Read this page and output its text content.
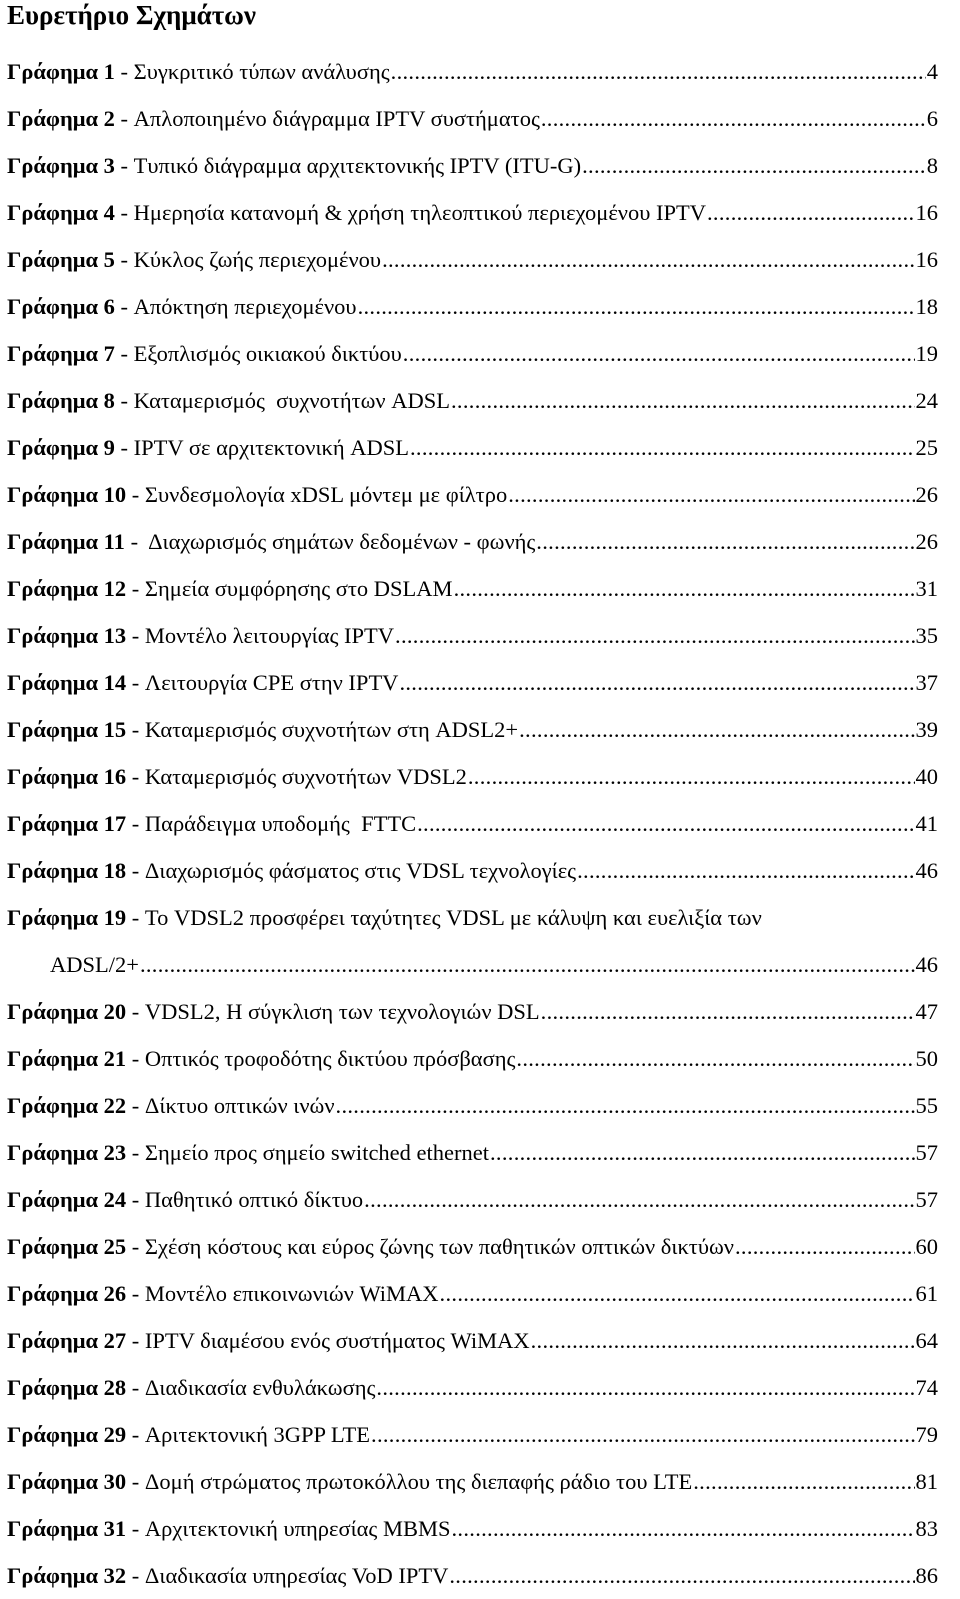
Ευρετήριο Σχημάτων
Γράφημα 1 - Συγκριτικό τύπων ανάλυσης .....	4
Γράφημα 2 - Απλοποιημένο διάγραμμα IPTV συστήματος .....	6
Γράφημα 3 - Τυπικό διάγραμμα αρχιτεκτονικής IPTV (ITU-G) .....	8
Γράφημα 4 - Ημερησία κατανομή & χρήση τηλεοπτικού περιεχομένου IPTV .....	16
Γράφημα 5 - Κύκλος ζωής περιεχομένου .....	16
Γράφημα 6 - Απόκτηση περιεχομένου .....	18
Γράφημα 7 - Εξοπλισμός οικιακού δικτύου .....	19
Γράφημα 8 - Καταμερισμός  συχνοτήτων ADSL .....	24
Γράφημα 9 - IPTV σε αρχιτεκτονική ADSL .....	25
Γράφημα 10 - Συνδεσμολογία xDSL μόντεμ με φίλτρο .....	26
Γράφημα 11 - Διαχωρισμός σημάτων δεδομένων - φωνής .....	26
Γράφημα 12 - Σημεία συμφόρησης στο DSLAM .....	31
Γράφημα 13 - Μοντέλο λειτουργίας IPTV .....	35
Γράφημα 14 - Λειτουργία CPE στην IPTV .....	37
Γράφημα 15 - Καταμερισμός συχνοτήτων στη ADSL2+ .....	39
Γράφημα 16 - Καταμερισμός συχνοτήτων VDSL2 .....	40
Γράφημα 17 - Παράδειγμα υποδομής  FTTC .....	41
Γράφημα 18 - Διαχωρισμός φάσματος στις VDSL τεχνολογίες .....	46
Γράφημα 19 - Το VDSL2 προσφέρει ταχύτητες VDSL με κάλυψη και ευελιξία των
ADSL/2+ .....	46
Γράφημα 20 - VDSL2, Η σύγκλιση των τεχνολογιών DSL .....	47
Γράφημα 21 - Οπτικός τροφοδότης δικτύου πρόσβασης .....	50
Γράφημα 22 - Δίκτυο οπτικών ινών .....	55
Γράφημα 23 - Σημείο προς σημείο switched ethernet .....	57
Γράφημα 24 - Παθητικό οπτικό δίκτυο .....	57
Γράφημα 25 - Σχέση κόστους και εύρος ζώνης των παθητικών οπτικών δικτύων .....	60
Γράφημα 26 - Μοντέλο επικοινωνιών WiMAX .....	61
Γράφημα 27 - IPTV διαμέσου ενός συστήματος WiMAX .....	64
Γράφημα 28 - Διαδικασία ενθυλάκωσης .....	74
Γράφημα 29 - Αριτεκτονική 3GPP LTE .....	79
Γράφημα 30 - Δομή στρώματος πρωτοκόλλου της διεπαφής ράδιο του LTE .....	81
Γράφημα 31 - Αρχιτεκτονική υπηρεσίας MBMS .....	83
Γράφημα 32 - Διαδικασία υπηρεσίας VoD IPTV .....	86
